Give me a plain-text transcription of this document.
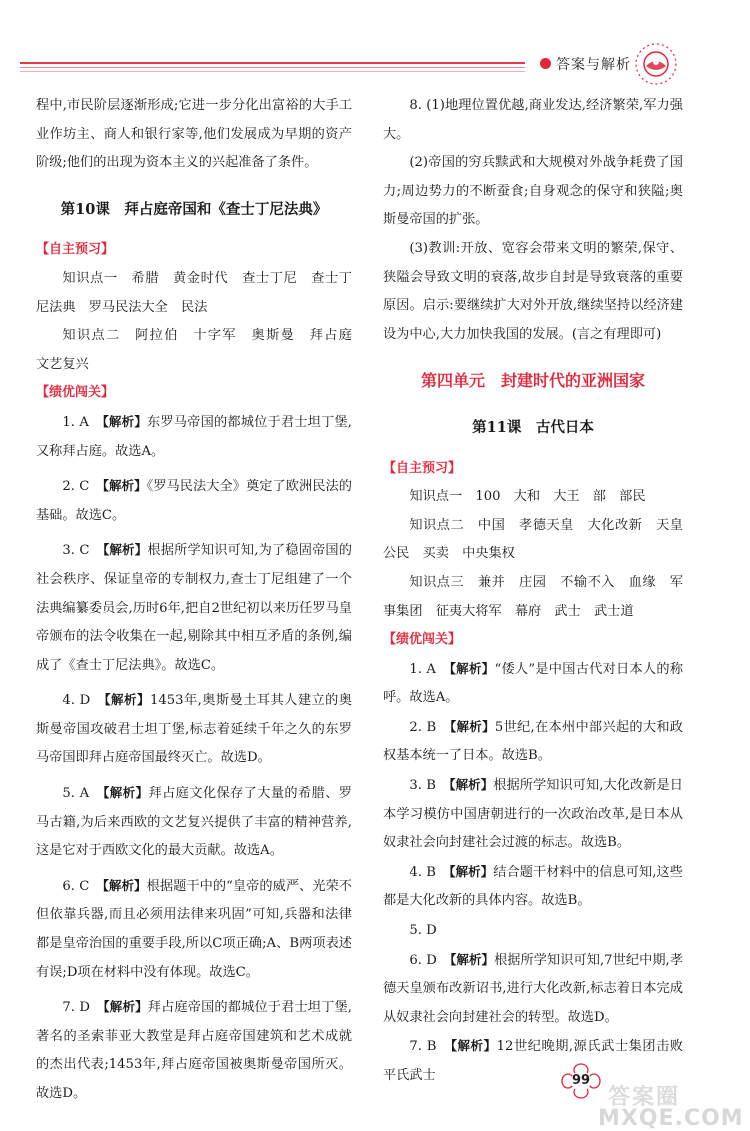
答案与解析

程中,市民阶层逐渐形成;它进一步分化出富裕的大手工业作坊主、商人和银行家等,他们发展成为早期的资产阶级;他们的出现为资本主义的兴起准备了条件。

第10课　拜占庭帝国和《查士丁尼法典》

【自主预习】

知识点一　希腊　黄金时代　查士丁尼　查士丁尼法典　罗马民法大全　民法

知识点二　阿拉伯　十字军　奥斯曼　拜占庭　文艺复兴

【绩优闯关】

1. A　 【解析】东罗马帝国的都城位于君士坦丁堡,又称拜占庭。故选A。

2. C　 【解析】《罗马民法大全》奠定了欧洲民法的基础。故选C。

3. C　 【解析】根据所学知识可知,为了稳固帝国的社会秩序、保证皇帝的专制权力,查士丁尼组建了一个法典编纂委员会,历时6年,把自2世纪初以来历任罗马皇帝颁布的法令收集在一起,剔除其中相互矛盾的条例,编成了《查士丁尼法典》。故选C。

4. D　 【解析】1453年,奥斯曼土耳其人建立的奥斯曼帝国攻破君士坦丁堡,标志着延续千年之久的东罗马帝国即拜占庭帝国最终灭亡。故选D。

5. A　 【解析】拜占庭文化保存了大量的希腊、罗马古籍,为后来西欧的文艺复兴提供了丰富的精神营养,这是它对于西欧文化的最大贡献。故选A。

6. C　 【解析】根据题干中的“皇帝的威严、光荣不但依靠兵器,而且必须用法律来巩固”可知,兵器和法律都是皇帝治国的重要手段,所以C项正确;A、B两项表述有误;D项在材料中没有体现。故选C。

7. D　 【解析】拜占庭帝国的都城位于君士坦丁堡,著名的圣索菲亚大教堂是拜占庭帝国建筑和艺术成就的杰出代表;1453年,拜占庭帝国被奥斯曼帝国所灭。故选D。

8. (1)地理位置优越,商业发达,经济繁荣,军力强大。

(2)帝国的穷兵黩武和大规模对外战争耗费了国力;周边势力的不断蚕食;自身观念的保守和狭隘;奥斯曼帝国的扩张。

(3)教训:开放、宽容会带来文明的繁荣,保守、狭隘会导致文明的衰落,故步自封是导致衰落的重要原因。启示:要继续扩大对外开放,继续坚持以经济建设为中心,大力加快我国的发展。(言之有理即可)

第四单元　封建时代的亚洲国家

第11课　古代日本

【自主预习】

知识点一　100　大和　大王　部　部民

知识点二　中国　孝德天皇　大化改新　天皇　公民　买卖　中央集权

知识点三　兼并　庄园　不输不入　血缘　军事集团　征夷大将军　幕府　武士　武士道

【绩优闯关】

1. A　 【解析】“倭人”是中国古代对日本人的称呼。故选A。

2. B　 【解析】5世纪,在本州中部兴起的大和政权基本统一了日本。故选B。

3. B　 【解析】根据所学知识可知,大化改新是日本学习模仿中国唐朝进行的一次政治改革,是日本从奴隶社会向封建社会过渡的标志。故选B。

4. B　 【解析】结合题干材料中的信息可知,这些都是大化改新的具体内容。故选B。

5. D

6. D　 【解析】根据所学知识可知,7世纪中期,孝德天皇颁布改新诏书,进行大化改新,标志着日本完成从奴隶社会向封建社会的转型。故选D。

7. B　 【解析】12世纪晚期,源氏武士集团击败平氏武士	99
答案圈
MXQE.COM
